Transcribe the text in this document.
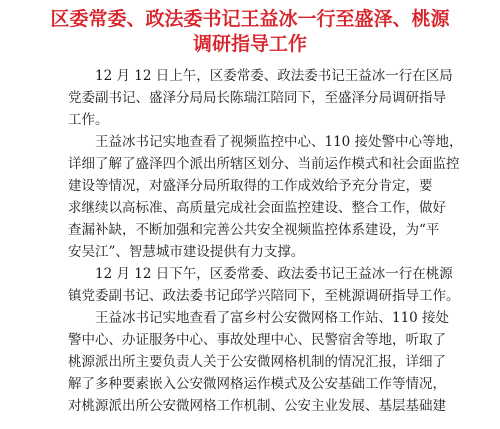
区委常委、政法委书记王益冰一行至盛泽、桃源
调研指导工作
12 月 12 日上午，区委常委、政法委书记王益冰一行在区局
党委副书记、盛泽分局局长陈瑞江陪同下，至盛泽分局调研指导
工作。
王益冰书记实地查看了视频监控中心、110 接处警中心等地，
详细了解了盛泽四个派出所辖区划分、当前运作模式和社会面监控
建设等情况，对盛泽分局所取得的工作成效给予充分肯定，要
求继续以高标准、高质量完成社会面监控建设、整合工作，做好
查漏补缺，不断加强和完善公共安全视频监控体系建设，为“平
安吴江”、智慧城市建设提供有力支撑。
12 月 12 日下午，区委常委、政法委书记王益冰一行在桃源
镇党委副书记、政法委书记邱学兴陪同下，至桃源调研指导工作。
王益冰书记实地查看了富乡村公安微网格工作站、110 接处
警中心、办证服务中心、事故处理中心、民警宿舍等地，听取了
桃源派出所主要负责人关于公安微网格机制的情况汇报，详细了
解了多种要素嵌入公安微网格运作模式及公安基础工作等情况，
对桃源派出所公安微网格工作机制、公安主业发展、基层基础建
